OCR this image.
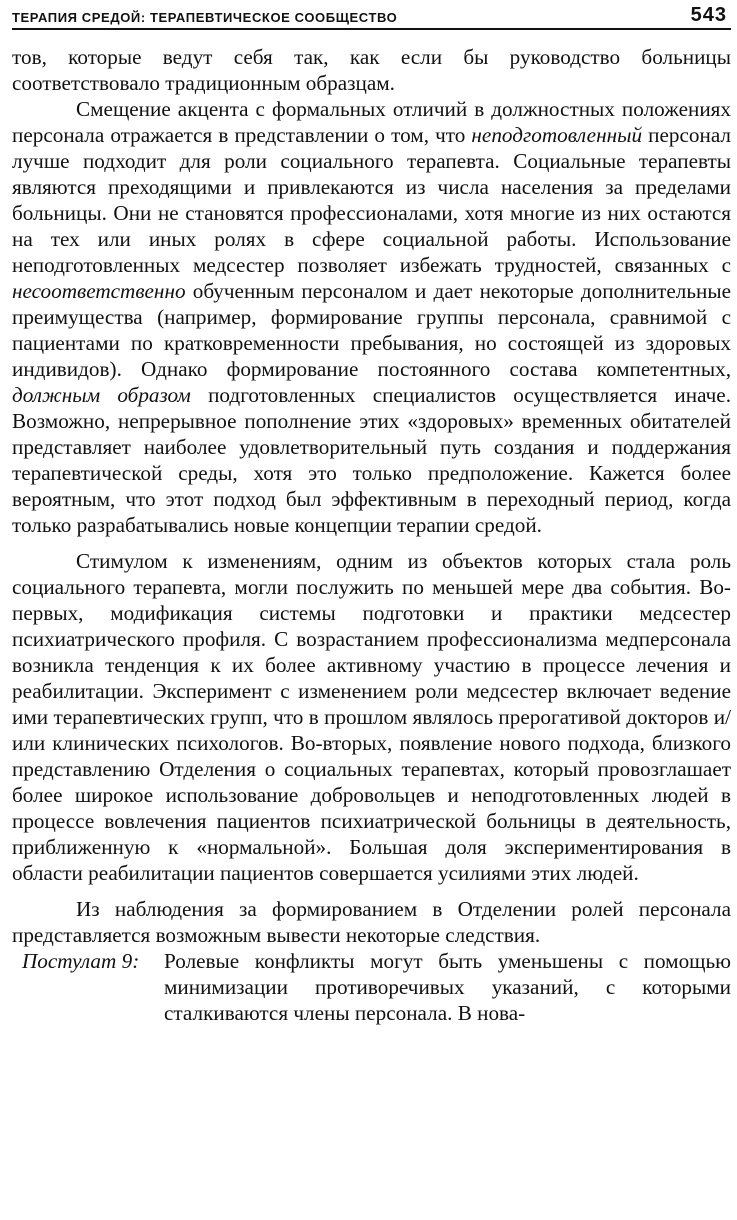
ТЕРАПИЯ СРЕДОЙ: ТЕРАПЕВТИЧЕСКОЕ СООБЩЕСТВО	543

тов, которые ведут себя так, как если бы руководство больницы соответствовало традиционным образцам.

Смещение акцента с формальных отличий в должностных положениях персонала отражается в представлении о том, что неподготовленный персонал лучше подходит для роли социального терапевта. Социальные терапевты являются преходящими и привлекаются из числа населения за пределами больницы. Они не становятся профессионалами, хотя многие из них остаются на тех или иных ролях в сфере социальной работы. Использование неподготовленных медсестер позволяет избежать трудностей, связанных с несоответственно обученным персоналом и дает некоторые дополнительные преимущества (например, формирование группы персонала, сравнимой с пациентами по кратковременности пребывания, но состоящей из здоровых индивидов). Однако формирование постоянного состава компетентных, должным образом подготовленных специалистов осуществляется иначе. Возможно, непрерывное пополнение этих «здоровых» временных обитателей представляет наиболее удовлетворительный путь создания и поддержания терапевтической среды, хотя это только предположение. Кажется более вероятным, что этот подход был эффективным в переходный период, когда только разрабатывались новые концепции терапии средой.

Стимулом к изменениям, одним из объектов которых стала роль социального терапевта, могли послужить по меньшей мере два события. Во-первых, модификация системы подготовки и практики медсестер психиатрического профиля. С возрастанием профессионализма медперсонала возникла тенденция к их более активному участию в процессе лечения и реабилитации. Эксперимент с изменением роли медсестер включает ведение ими терапевтических групп, что в прошлом являлось прерогативой докторов и/или клинических психологов. Во-вторых, появление нового подхода, близкого представлению Отделения о социальных терапевтах, который провозглашает более широкое использование добровольцев и неподготовленных людей в процессе вовлечения пациентов психиатрической больницы в деятельность, приближенную к «нормальной». Большая доля экспериментирования в области реабилитации пациентов совершается усилиями этих людей.

Из наблюдения за формированием в Отделении ролей персонала представляется возможным вывести некоторые следствия.

Постулат 9:	Ролевые конфликты могут быть уменьшены с помощью минимизации противоречивых указаний, с которыми сталкиваются члены персонала. В нова-
